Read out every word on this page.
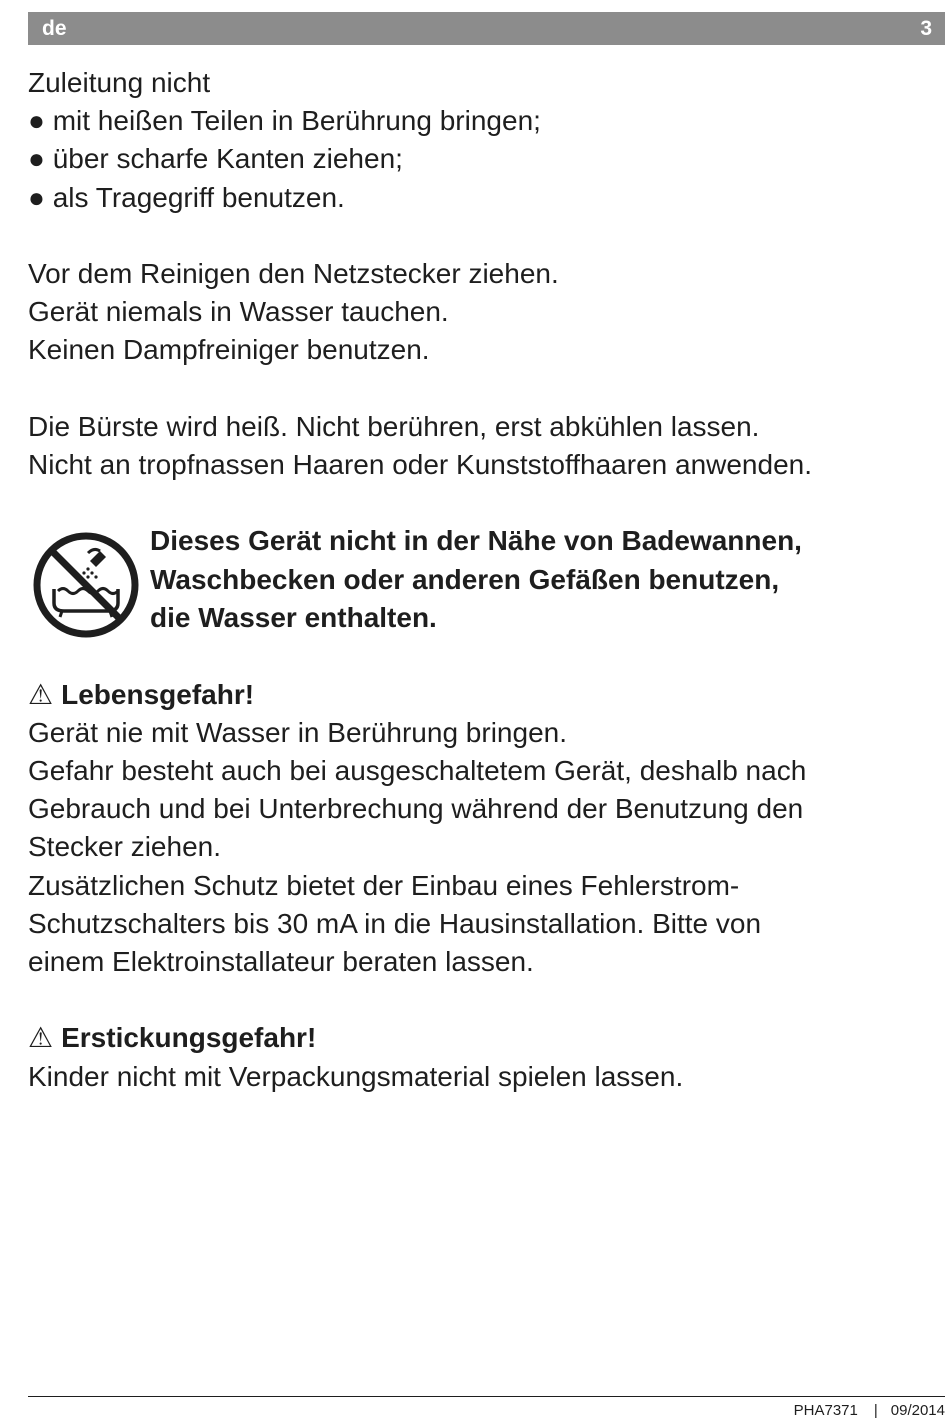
de	3
Zuleitung nicht
● mit heißen Teilen in Berührung bringen;
● über scharfe Kanten ziehen;
● als Tragegriff benutzen.
Vor dem Reinigen den Netzstecker ziehen.
Gerät niemals in Wasser tauchen.
Keinen Dampfreiniger benutzen.
Die Bürste wird heiß. Nicht berühren, erst abkühlen lassen.
Nicht an tropfnassen Haaren oder Kunststoffhaaren anwenden.
Dieses Gerät nicht in der Nähe von Badewannen,
Waschbecken oder anderen Gefäßen benutzen,
die Wasser enthalten.
⚠ Lebensgefahr!
Gerät nie mit Wasser in Berührung bringen.
Gefahr besteht auch bei ausgeschaltetem Gerät, deshalb nach
Gebrauch und bei Unterbrechung während der Benutzung den
Stecker ziehen.
Zusätzlichen Schutz bietet der Einbau eines Fehlerstrom-
Schutzschalters bis 30 mA in die Hausinstallation. Bitte von
einem Elektroinstallateur beraten lassen.
⚠ Erstickungsgefahr!
Kinder nicht mit Verpackungsmaterial spielen lassen.
PHA7371 | 09/2014
